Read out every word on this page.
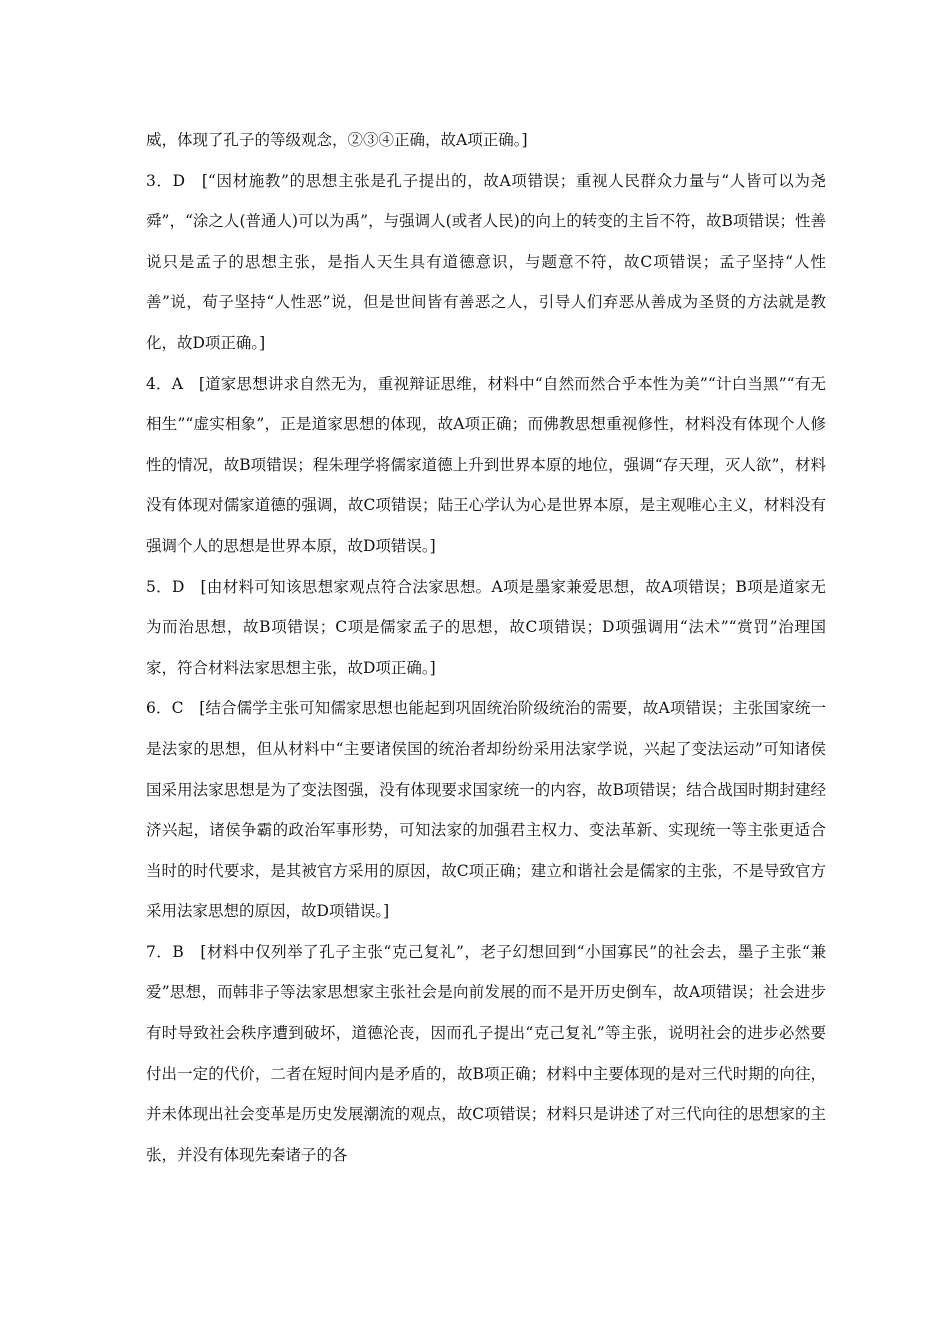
威，体现了孔子的等级观念，②③④正确，故A项正确。]

3．D　[“因材施教”的思想主张是孔子提出的，故A项错误；重视人民群众力量与“人皆可以为尧舜”，“涂之人(普通人)可以为禹”，与强调人(或者人民)的向上的转变的主旨不符，故B项错误；性善说只是孟子的思想主张，是指人天生具有道德意识，与题意不符，故C项错误；孟子坚持“人性善”说，荀子坚持“人性恶”说，但是世间皆有善恶之人，引导人们弃恶从善成为圣贤的方法就是教化，故D项正确。]

4．A　[道家思想讲求自然无为，重视辩证思维，材料中“自然而然合乎本性为美”“计白当黑”“有无相生”“虚实相象”，正是道家思想的体现，故A项正确；而佛教思想重视修性，材料没有体现个人修性的情况，故B项错误；程朱理学将儒家道德上升到世界本原的地位，强调“存天理，灭人欲”，材料没有体现对儒家道德的强调，故C项错误；陆王心学认为心是世界本原，是主观唯心主义，材料没有强调个人的思想是世界本原，故D项错误。]

5．D　[由材料可知该思想家观点符合法家思想。A项是墨家兼爱思想，故A项错误；B项是道家无为而治思想，故B项错误；C项是儒家孟子的思想，故C项错误；D项强调用“法术”“赏罚”治理国家，符合材料法家思想主张，故D项正确。]

6．C　[结合儒学主张可知儒家思想也能起到巩固统治阶级统治的需要，故A项错误；主张国家统一是法家的思想，但从材料中“主要诸侯国的统治者却纷纷采用法家学说，兴起了变法运动”可知诸侯国采用法家思想是为了变法图强，没有体现要求国家统一的内容，故B项错误；结合战国时期封建经济兴起，诸侯争霸的政治军事形势，可知法家的加强君主权力、变法革新、实现统一等主张更适合当时的时代要求，是其被官方采用的原因，故C项正确；建立和谐社会是儒家的主张，不是导致官方采用法家思想的原因，故D项错误。]

7．B　[材料中仅列举了孔子主张“克己复礼”，老子幻想回到“小国寡民”的社会去，墨子主张“兼爱”思想，而韩非子等法家思想家主张社会是向前发展的而不是开历史倒车，故A项错误；社会进步有时导致社会秩序遭到破坏，道德沦丧，因而孔子提出“克己复礼”等主张，说明社会的进步必然要付出一定的代价，二者在短时间内是矛盾的，故B项正确；材料中主要体现的是对三代时期的向往，并未体现出社会变革是历史发展潮流的观点，故C项错误；材料只是讲述了对三代向往的思想家的主张，并没有体现先秦诸子的各
